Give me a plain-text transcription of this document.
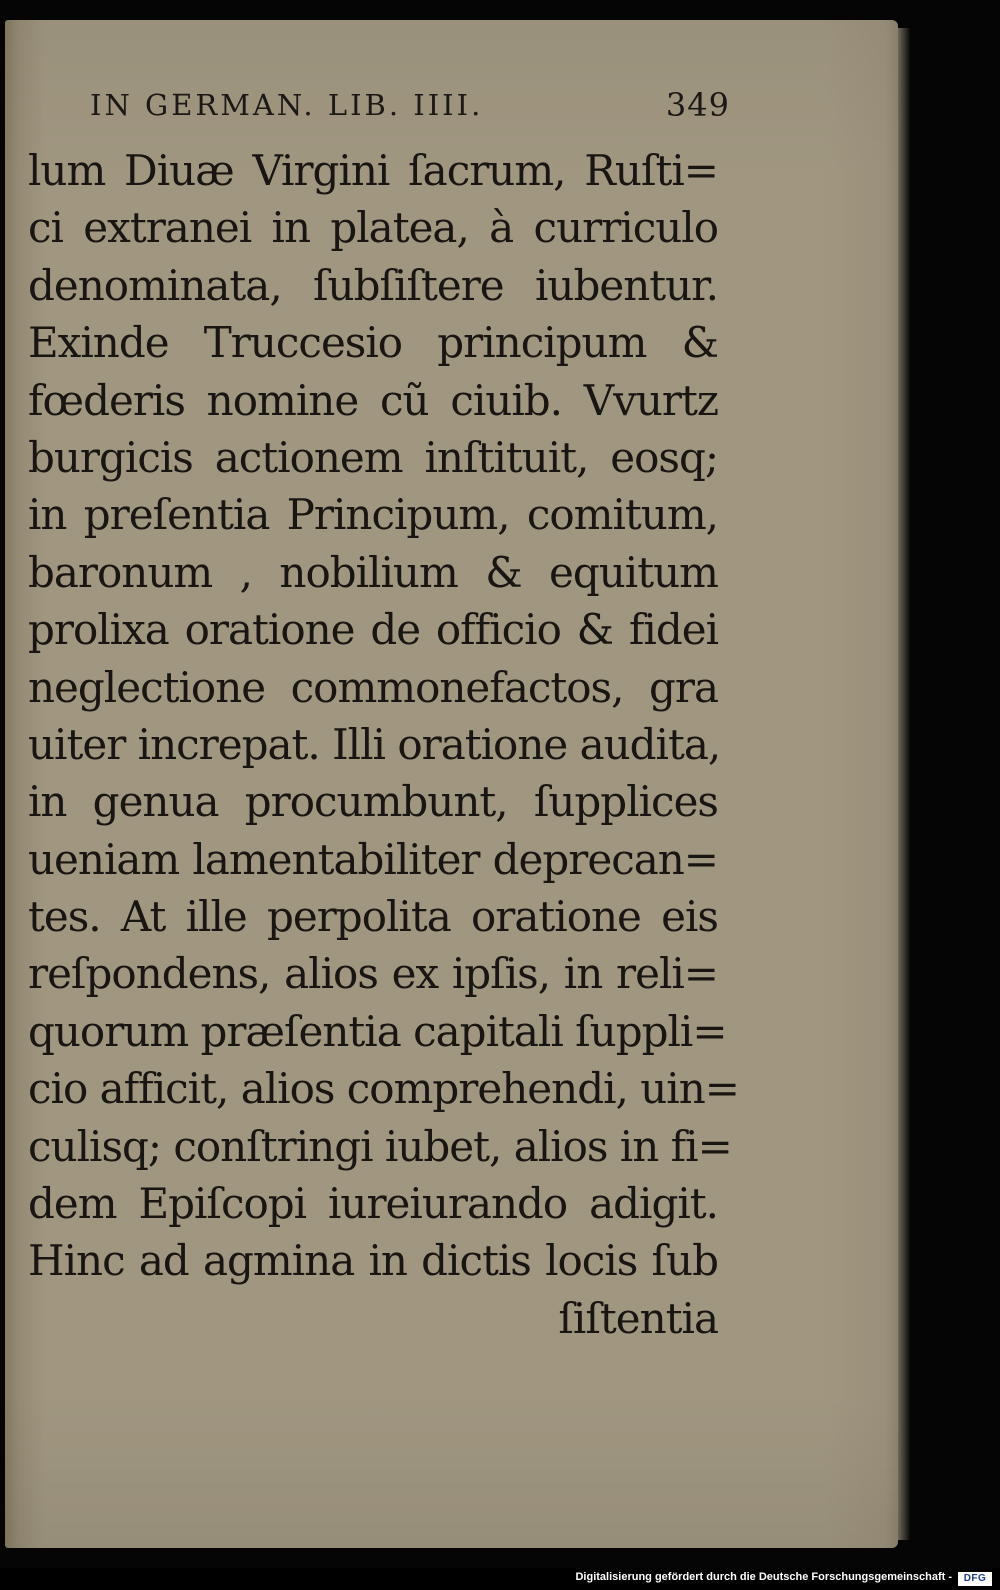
IN GERMAN. LIB. IIII.	349
lum Diuæ Virgini ſacrum, Ruſti=
ci extranei in platea, à curriculo
denominata, ſubſiſtere iubentur.
Exinde Truccesio principum &
fœderis nomine cũ ciuib. Vvurtz
burgicis actionem inſtituit, eosq;
in preſentia Principum, comitum,
baronum , nobilium & equitum
prolixa oratione de officio & fidei
neglectione commonefactos, gra
uiter increpat. Illi oratione audita,
in genua procumbunt, ſupplices
ueniam lamentabiliter deprecan=
tes. At ille perpolita oratione eis
reſpondens, alios ex ipſis, in reli=
quorum præſentia capitali ſuppli=
cio afficit, alios comprehendi, uin=
culisq; conſtringi iubet, alios in fi=
dem Epiſcopi iureiurando adigit.
Hinc ad agmina in dictis locis ſub
ſiſtentia
Digitalisierung gefördert durch die Deutsche Forschungsgemeinschaft -	DFG
